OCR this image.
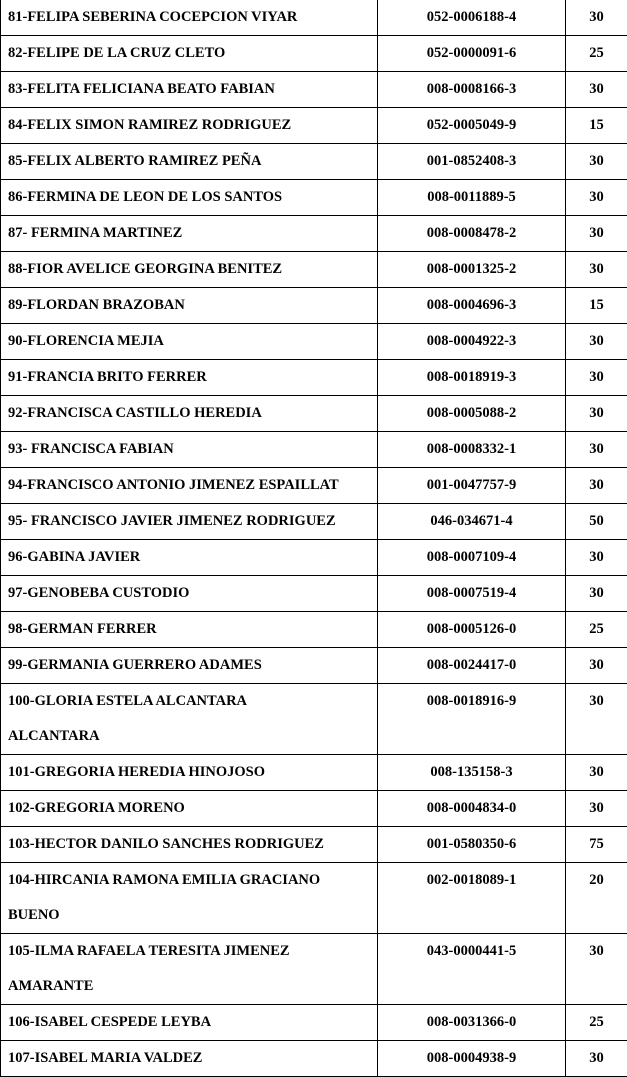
81-FELIPA SEBERINA COCEPCION VIYAR	052-0006188-4	30

82-FELIPE DE LA CRUZ CLETO	052-0000091-6	25

83-FELITA FELICIANA BEATO FABIAN	008-0008166-3	30

84-FELIX SIMON RAMIREZ RODRIGUEZ	052-0005049-9	15

85-FELIX ALBERTO RAMIREZ PEÑA	001-0852408-3	30

86-FERMINA DE LEON DE LOS SANTOS	008-0011889-5	30

87- FERMINA MARTINEZ	008-0008478-2	30

88-FIOR AVELICE GEORGINA BENITEZ	008-0001325-2	30

89-FLORDAN BRAZOBAN	008-0004696-3	15

90-FLORENCIA MEJIA	008-0004922-3	30

91-FRANCIA BRITO FERRER	008-0018919-3	30

92-FRANCISCA CASTILLO HEREDIA	008-0005088-2	30

93- FRANCISCA FABIAN	008-0008332-1	30

94-FRANCISCO ANTONIO JIMENEZ ESPAILLAT	001-0047757-9	30

95- FRANCISCO JAVIER JIMENEZ RODRIGUEZ	046-034671-4	50

96-GABINA JAVIER	008-0007109-4	30

97-GENOBEBA CUSTODIO	008-0007519-4	30

98-GERMAN FERRER	008-0005126-0	25

99-GERMANIA GUERRERO ADAMES	008-0024417-0	30

100-GLORIA ESTELA ALCANTARA
ALCANTARA	008-0018916-9	30

101-GREGORIA HEREDIA HINOJOSO	008-135158-3	30

102-GREGORIA MORENO	008-0004834-0	30

103-HECTOR DANILO SANCHES RODRIGUEZ	001-0580350-6	75

104-HIRCANIA RAMONA EMILIA GRACIANO
BUENO	002-0018089-1	20

105-ILMA RAFAELA TERESITA JIMENEZ
AMARANTE	043-0000441-5	30

106-ISABEL CESPEDE LEYBA	008-0031366-0	25

107-ISABEL MARIA VALDEZ	008-0004938-9	30
